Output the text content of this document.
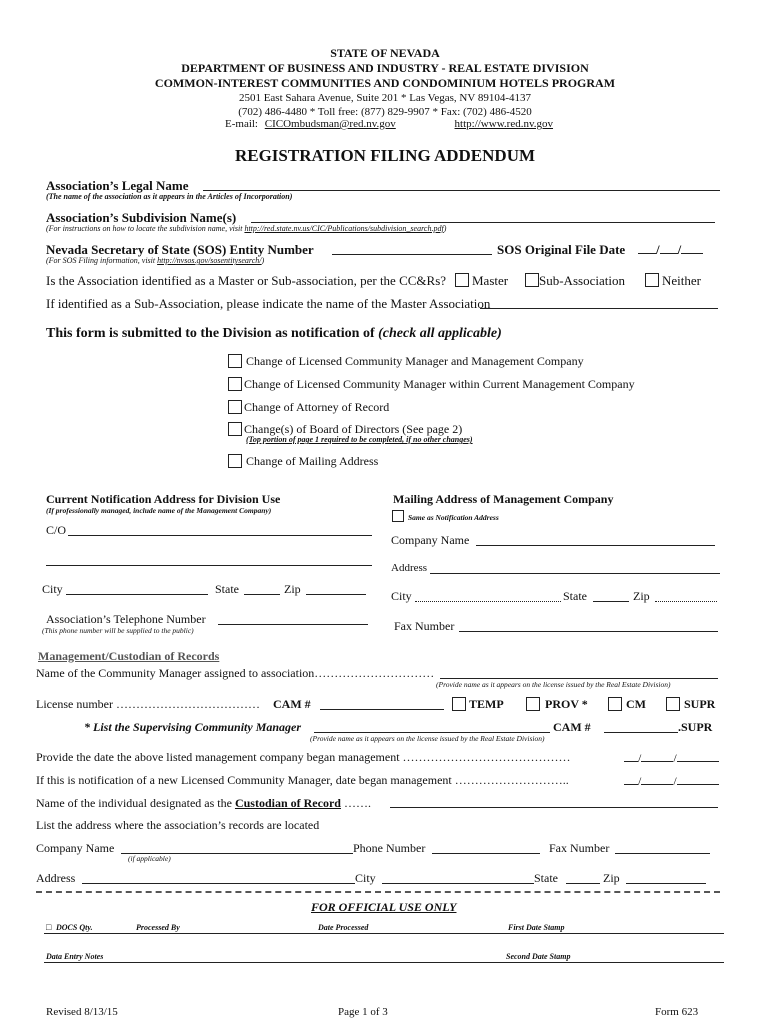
STATE OF NEVADA
DEPARTMENT OF BUSINESS AND INDUSTRY - REAL ESTATE DIVISION
COMMON-INTEREST COMMUNITIES AND CONDOMINIUM HOTELS PROGRAM
2501 East Sahara Avenue, Suite 201 * Las Vegas, NV 89104-4137
(702) 486-4480 * Toll free: (877) 829-9907 * Fax: (702) 486-4520
E-mail: CICOmbudsman@red.nv.gov	http://www.red.nv.gov
REGISTRATION FILING ADDENDUM
Association’s Legal Name
(The name of the association as it appears in the Articles of Incorporation)
Association’s Subdivision Name(s)
(For instructions on how to locate the subdivision name, visit http://red.state.nv.us/CIC/Publications/subdivision_search.pdf)
Nevada Secretary of State (SOS) Entity Number	SOS Original File Date	/ /
(For SOS Filing information, visit http://nvsos.gov/sosentitysearch/)
Is the Association identified as a Master or Sub-association, per the CC&Rs? Master Sub-Association	Neither
If identified as a Sub-Association, please indicate the name of the Master Association
This form is submitted to the Division as notification of (check all applicable)
Change of Licensed Community Manager and Management Company
Change of Licensed Community Manager within Current Management Company
Change of Attorney of Record
Change(s) of Board of Directors (See page 2)
(Top portion of page 1 required to be completed, if no other changes)
Change of Mailing Address
Current Notification Address for Division Use
(If professionally managed, include name of the Management Company)
C/O
City	State	Zip
Association’s Telephone Number
(This phone number will be supplied to the public)
Mailing Address of Management Company
Same as Notification Address
Company Name
Address
City	State	Zip
Fax Number
Management/Custodian of Records
Name of the Community Manager assigned to association…………………………
(Provide name as it appears on the license issued by the Real Estate Division)
License number ……………………………… CAM #	TEMP	PROV *	CM	SUPR
* List the Supervising Community Manager	CAM #	.SUPR
(Provide name as it appears on the license issued by the Real Estate Division)
Provide the date the above listed management company began management ……………………………………	/	/
If this is notification of a new Licensed Community Manager, date began management ………………………..	/	/
Name of the individual designated as the Custodian of Record …….
List the address where the association’s records are located
Company Name
(if applicable)
Phone Number	Fax Number
Address	City	State	Zip
FOR OFFICIAL USE ONLY
□ DOCS Qty.	Processed By	Date Processed	First Date Stamp
Data Entry Notes	Second Date Stamp
Revised 8/13/15	Page 1 of 3	Form 623
